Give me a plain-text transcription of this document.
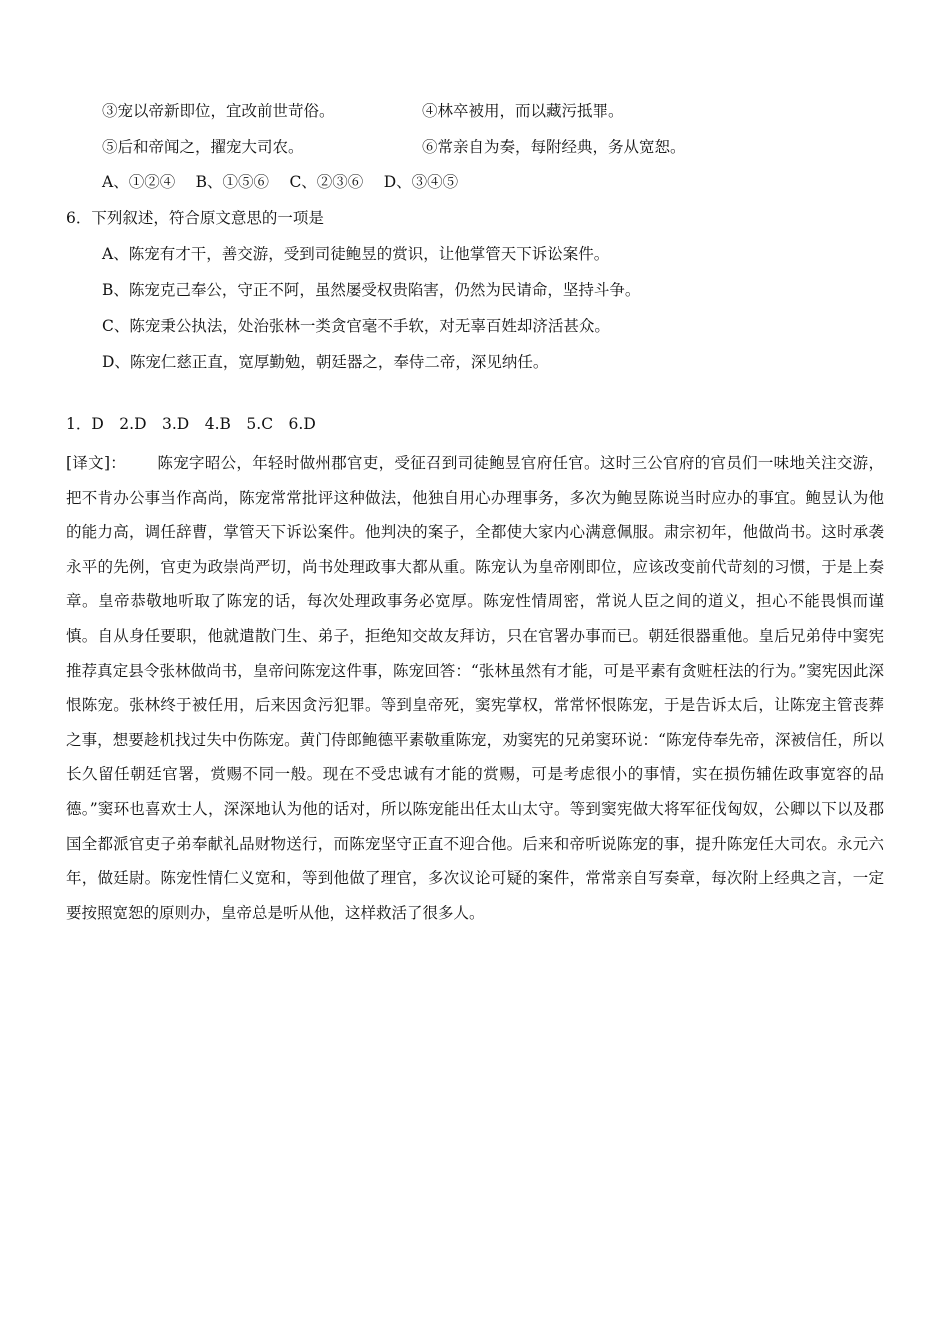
③宠以帝新即位，宜改前世苛俗。	④林卒被用，而以藏污抵罪。
⑤后和帝闻之，擢宠大司农。	⑥常亲自为奏，每附经典，务从宽恕。
A、①②④　 B、①⑤⑥　 C、②③⑥　 D、③④⑤
6．下列叙述，符合原文意思的一项是
A、陈宠有才干，善交游，受到司徒鲍昱的赏识，让他掌管天下诉讼案件。
B、陈宠克己奉公，守正不阿，虽然屡受权贵陷害，仍然为民请命，坚持斗争。
C、陈宠秉公执法，处治张林一类贪官毫不手软，对无辜百姓却济活甚众。
D、陈宠仁慈正直，宽厚勤勉，朝廷器之，奉侍二帝，深见纳任。
1．D　2.D　3.D　4.B　5.C　6.D
[译文]： 陈宠字昭公，年轻时做州郡官吏，受征召到司徒鲍昱官府任官。这时三公官府的官员们一味地关注交游，把不肯办公事当作高尚，陈宠常常批评这种做法，他独自用心办理事务，多次为鲍昱陈说当时应办的事宜。鲍昱认为他的能力高，调任辞曹，掌管天下诉讼案件。他判决的案子，全都使大家内心满意佩服。肃宗初年，他做尚书。这时承袭永平的先例，官吏为政崇尚严切，尚书处理政事大都从重。陈宠认为皇帝刚即位，应该改变前代苛刻的习惯，于是上奏章。皇帝恭敬地听取了陈宠的话，每次处理政事务必宽厚。陈宠性情周密，常说人臣之间的道义，担心不能畏惧而谨慎。自从身任要职，他就遣散门生、弟子，拒绝知交故友拜访，只在官署办事而已。朝廷很器重他。皇后兄弟侍中窦宪推荐真定县令张林做尚书，皇帝问陈宠这件事，陈宠回答：“张林虽然有才能，可是平素有贪赃枉法的行为。”窦宪因此深恨陈宠。张林终于被任用，后来因贪污犯罪。等到皇帝死，窦宪掌权，常常怀恨陈宠，于是告诉太后，让陈宠主管丧葬之事，想要趁机找过失中伤陈宠。黄门侍郎鲍德平素敬重陈宠，劝窦宪的兄弟窦环说：“陈宠侍奉先帝，深被信任，所以长久留任朝廷官署，赏赐不同一般。现在不受忠诚有才能的赏赐，可是考虑很小的事情，实在损伤辅佐政事宽容的品德。”窦环也喜欢士人，深深地认为他的话对，所以陈宠能出任太山太守。等到窦宪做大将军征伐匈奴，公卿以下以及郡国全都派官吏子弟奉献礼品财物送行，而陈宠坚守正直不迎合他。后来和帝听说陈宠的事，提升陈宠任大司农。永元六年，做廷尉。陈宠性情仁义宽和，等到他做了理官，多次议论可疑的案件，常常亲自写奏章，每次附上经典之言，一定要按照宽恕的原则办，皇帝总是听从他，这样救活了很多人。
